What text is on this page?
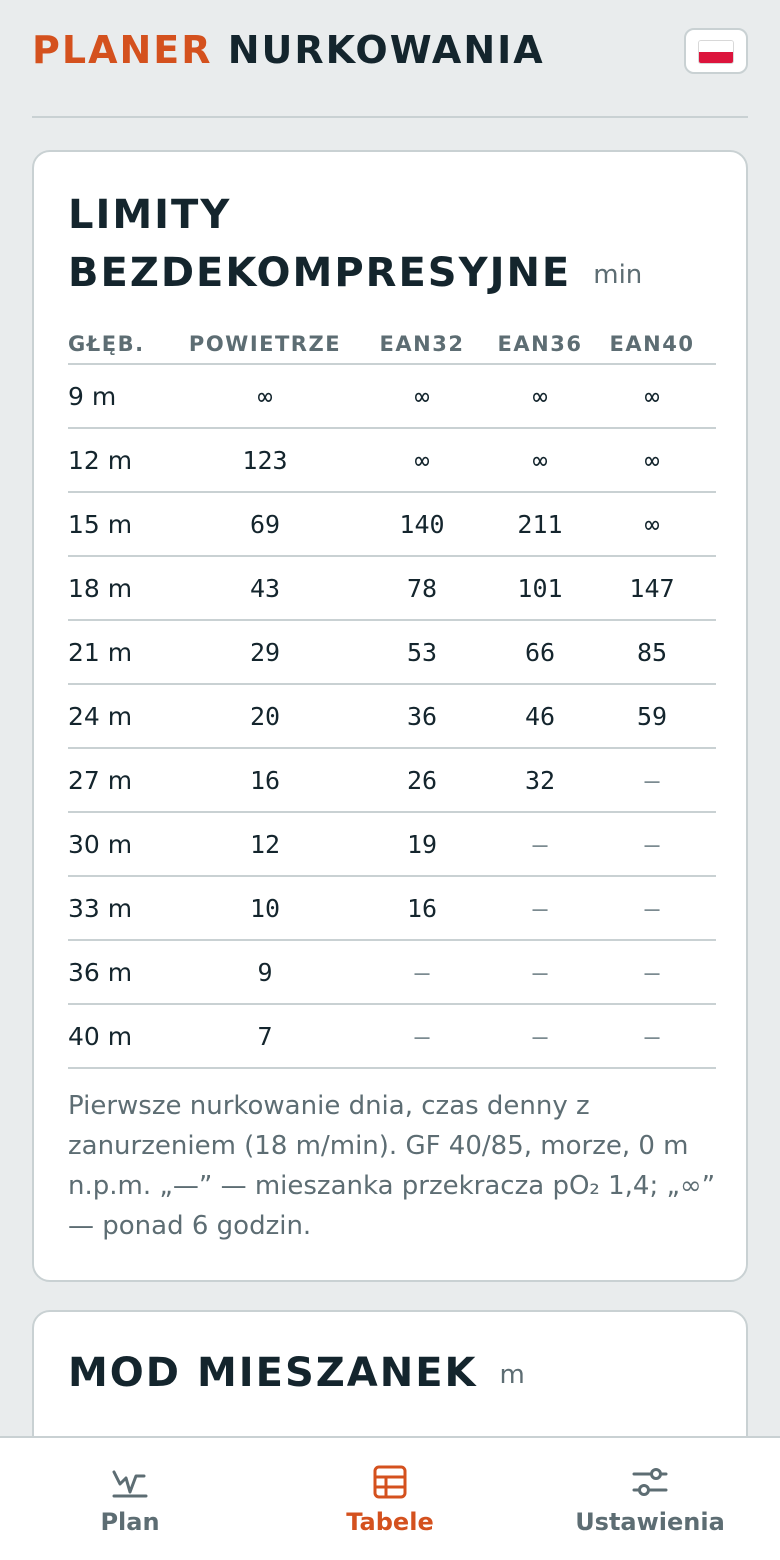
PLANER NURKOWANIA
LIMITY BEZDEKOMPRESYJNE min
GŁĘB.	POWIETRZE	EAN32	EAN36	EAN40
9 m	∞	∞	∞	∞
12 m	123	∞	∞	∞
15 m	69	140	211	∞
18 m	43	78	101	147
21 m	29	53	66	85
24 m	20	36	46	59
27 m	16	26	32	—
30 m	12	19	—	—
33 m	10	16	—	—
36 m	9	—	—	—
40 m	7	—	—	—

Pierwsze nurkowanie dnia, czas denny z zanurzeniem (18 m/min). GF 40/85, morze, 0 m n.p.m. „—” — mieszanka przekracza pO₂ 1,4; „∞” — ponad 6 godzin.

MOD MIESZANEK m
Plan	Tabele	Ustawienia
